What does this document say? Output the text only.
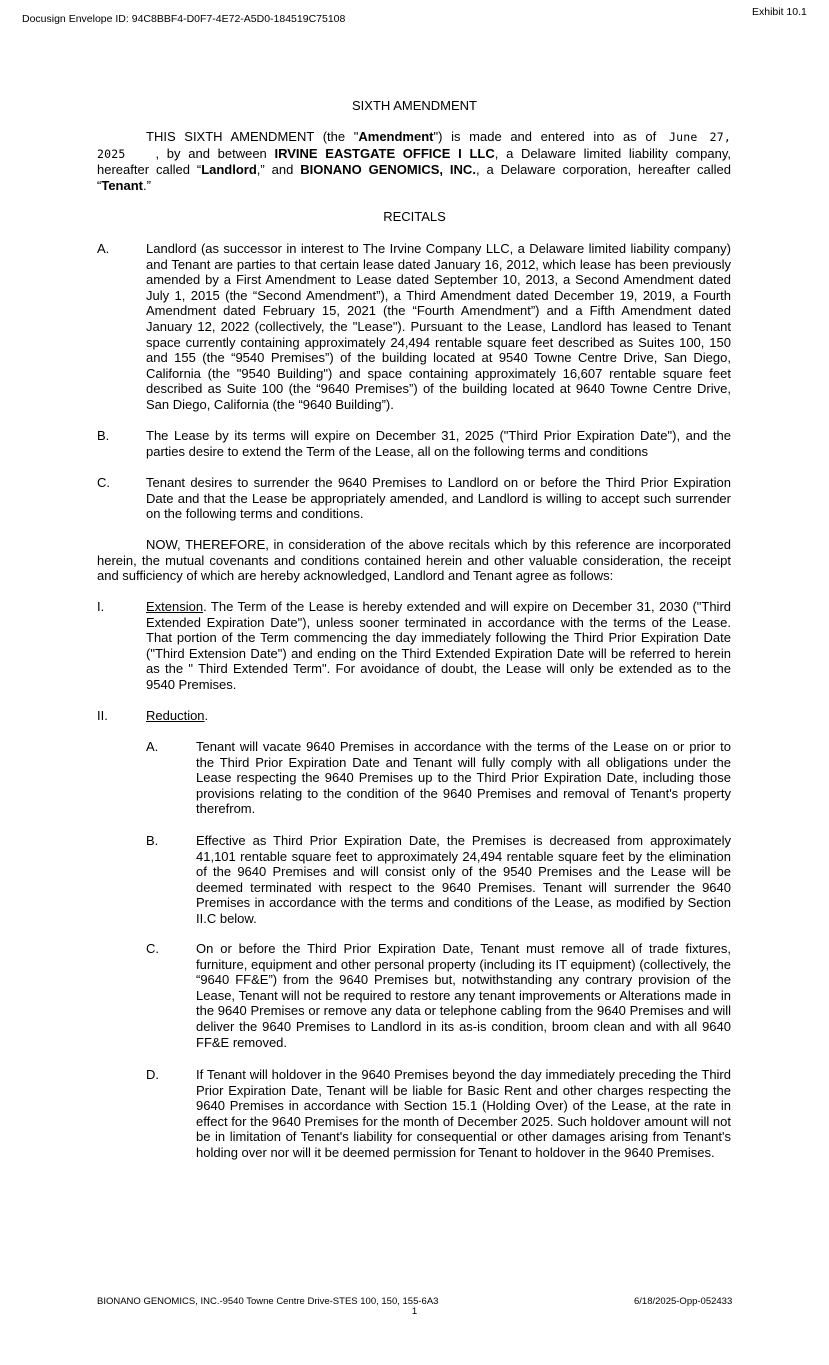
Docusign Envelope ID: 94C8BBF4-D0F7-4E72-A5D0-184519C75108
Exhibit 10.1
SIXTH AMENDMENT
THIS SIXTH AMENDMENT (the "Amendment") is made and entered into as of June 27, 2025 , by and between IRVINE EASTGATE OFFICE I LLC, a Delaware limited liability company, hereafter called “Landlord,” and BIONANO GENOMICS, INC., a Delaware corporation, hereafter called “Tenant.”
RECITALS
A.	Landlord (as successor in interest to The Irvine Company LLC, a Delaware limited liability company) and Tenant are parties to that certain lease dated January 16, 2012, which lease has been previously amended by a First Amendment to Lease dated September 10, 2013, a Second Amendment dated July 1, 2015 (the “Second Amendment”), a Third Amendment dated December 19, 2019, a Fourth Amendment dated February 15, 2021 (the “Fourth Amendment”) and a Fifth Amendment dated January 12, 2022 (collectively, the "Lease"). Pursuant to the Lease, Landlord has leased to Tenant space currently containing approximately 24,494 rentable square feet described as Suites 100, 150 and 155 (the “9540 Premises”) of the building located at 9540 Towne Centre Drive, San Diego, California (the "9540 Building") and space containing approximately 16,607 rentable square feet described as Suite 100 (the “9640 Premises”) of the building located at 9640 Towne Centre Drive, San Diego, California (the “9640 Building”).
B.	The Lease by its terms will expire on December 31, 2025 ("Third Prior Expiration Date"), and the parties desire to extend the Term of the Lease, all on the following terms and conditions
C.	Tenant desires to surrender the 9640 Premises to Landlord on or before the Third Prior Expiration Date and that the Lease be appropriately amended, and Landlord is willing to accept such surrender on the following terms and conditions.
NOW, THEREFORE, in consideration of the above recitals which by this reference are incorporated herein, the mutual covenants and conditions contained herein and other valuable consideration, the receipt and sufficiency of which are hereby acknowledged, Landlord and Tenant agree as follows:
I.	Extension. The Term of the Lease is hereby extended and will expire on December 31, 2030 ("Third Extended Expiration Date"), unless sooner terminated in accordance with the terms of the Lease. That portion of the Term commencing the day immediately following the Third Prior Expiration Date ("Third Extension Date") and ending on the Third Extended Expiration Date will be referred to herein as the " Third Extended Term". For avoidance of doubt, the Lease will only be extended as to the 9540 Premises.
II.	Reduction.
A.	Tenant will vacate 9640 Premises in accordance with the terms of the Lease on or prior to the Third Prior Expiration Date and Tenant will fully comply with all obligations under the Lease respecting the 9640 Premises up to the Third Prior Expiration Date, including those provisions relating to the condition of the 9640 Premises and removal of Tenant's property therefrom.
B.	Effective as Third Prior Expiration Date, the Premises is decreased from approximately 41,101 rentable square feet to approximately 24,494 rentable square feet by the elimination of the 9640 Premises and will consist only of the 9540 Premises and the Lease will be deemed terminated with respect to the 9640 Premises. Tenant will surrender the 9640 Premises in accordance with the terms and conditions of the Lease, as modified by Section II.C below.
C.	On or before the Third Prior Expiration Date, Tenant must remove all of trade fixtures, furniture, equipment and other personal property (including its IT equipment) (collectively, the “9640 FF&E”) from the 9640 Premises but, notwithstanding any contrary provision of the Lease, Tenant will not be required to restore any tenant improvements or Alterations made in the 9640 Premises or remove any data or telephone cabling from the 9640 Premises and will deliver the 9640 Premises to Landlord in its as-is condition, broom clean and with all 9640 FF&E removed.
D.	If Tenant will holdover in the 9640 Premises beyond the day immediately preceding the Third Prior Expiration Date, Tenant will be liable for Basic Rent and other charges respecting the 9640 Premises in accordance with Section 15.1 (Holding Over) of the Lease, at the rate in effect for the 9640 Premises for the month of December 2025. Such holdover amount will not be in limitation of Tenant's liability for consequential or other damages arising from Tenant's holding over nor will it be deemed permission for Tenant to holdover in the 9640 Premises.
BIONANO GENOMICS, INC.-9540 Towne Centre Drive-STES 100, 150, 155-6A3	6/18/2025-Opp-052433
1
